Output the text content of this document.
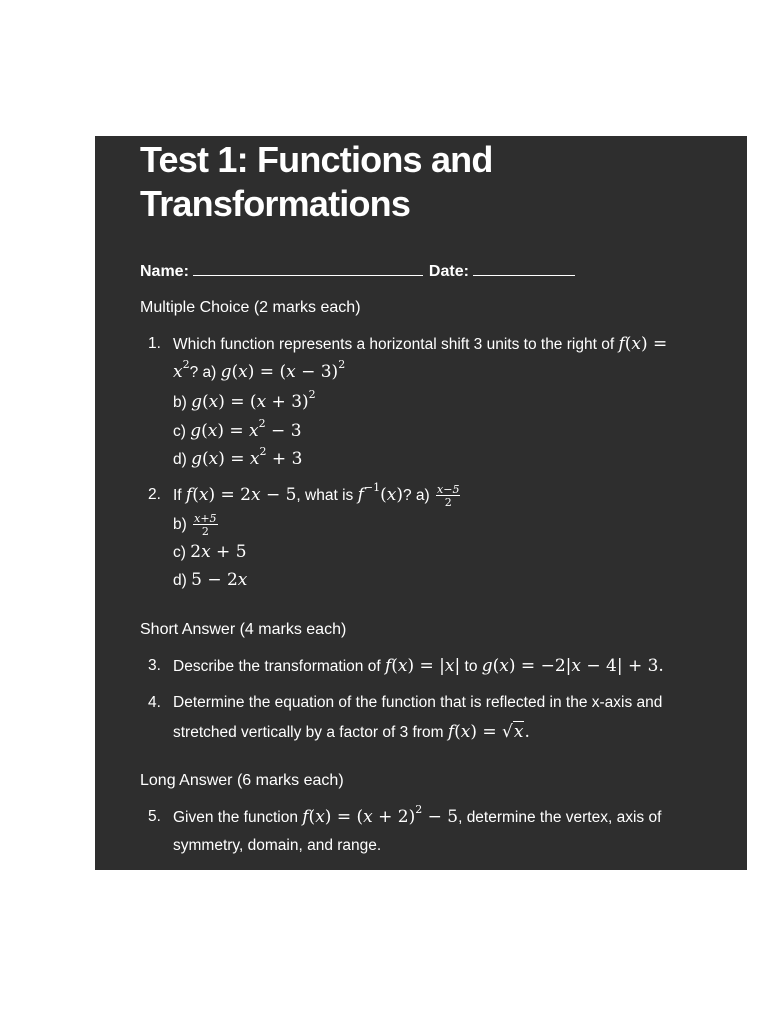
Test 1: Functions and Transformations
Name:	Date:

Multiple Choice (2 marks each)

1. Which function represents a horizontal shift 3 units to the right of f(x) =
$x^2$? a) $g(x) = (x - 3)^2$
b) $g(x) = (x + 3)^2$
c) $g(x) = x^2 - 3$
d) $g(x) = x^2 + 3$
2. If f(x) = 2x − 5, what is $f^{-1}(x)$? $a) \frac{x-5}{2}$
$b) \frac{x+5}{2}$
c) 2x + 5
d) 5 − 2x

Short Answer (4 marks each)

3. Describe the transformation of f(x) = |x| to g(x) = −2|x − 4| + 3.
4. Determine the equation of the function that is reflected in the x-axis and
stretched vertically by a factor of 3 from f(x) = √x.

Long Answer (6 marks each)

5. Given the function $f(x) = (x + 2)^2 - 5$, determine the vertex, axis of
symmetry, domain, and range.
